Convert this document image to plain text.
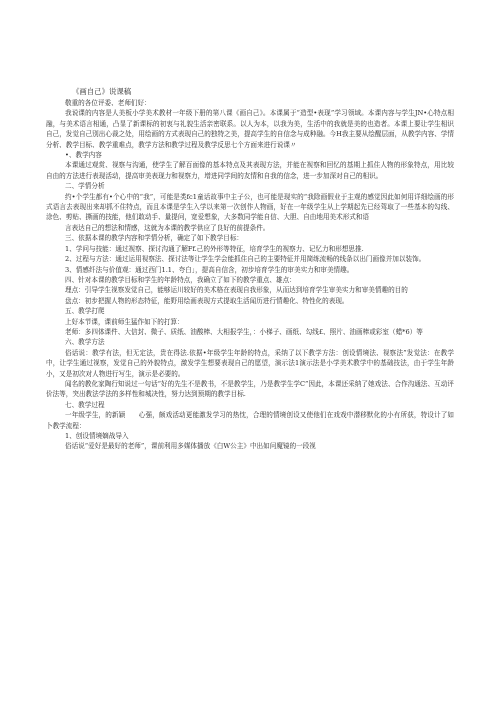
《画自己》说课稿

敬重的各位评委、老师们好：

我说课的内容是人美板小学美术教材一年级下册的第八课《画自己》。本课属于“造型•表现”学习领域。本课内容与学生JN•心特点相融，与美术语言相通，凸显了新课标的初衷与礼貌生活亲密联系。以人为本，以我为美，生活中的我就是美的也造者。本课上要让学生相识自己，发觉自己别出心裁之处，用绘画的方式表现自己的独特之美，提高学生的自信念与成种融。今H我主要从绘醒层面，从教学内容、学情分析、教学目标、教学重难点，教学方法和教学过程及教学反思七个方面来进行说课〃

•、教学内容

本课通过观赏、视察与沟通，使学生了解百面像的基本特点及其表现方法，并能在视察和回忆的基期上抓住人物的形象特点，用比较自由的方法进行表现活动，提高审美表现力和视察力，增进同学间的友情和自我的信念，进一步加深对自己的相识。

二、学情分析

约•个学生都有•个心中的“我”，可能是类fc1童话故事中主子公，也可能是现实的“我除画假业于主观的感觉因此如何用详细绘画的形式语言去表现出来却抓不住特点，而且本课是学生入学以来第一次创作人物画，好在一年级学生从上学期起先已经驾取了一些基本的勾线、涂色、剪贴、撕画的技能，他们敢动手、量提问，宽爱想象，大多数同学能自信、大胆、自由地用美术形式和语

言表达自己的想法和情感，这就为本课的教学供应了良好的前提条件。

三、依据本课的教学内容和学情分析，确定了如下教学目标：

1、学问与技能：通过视察、探讨沟通了解Ff.己的外形等特征，培育学生的视察力、记忆力和形想思推.

2、过程与方法：通过运用视察法、探讨法等让学生学会能抓住自己的主要特征并用简练流畅的线条以出门画像并加以装饰。

3、情感纤法与价值观：通过西门1.1、夸白」，提高自信含，初步培育学生的审美实力和审美情趣。

四、针对本课的教学目标和学生的年龄特点，我确立了如下的教学重点、雄点：

理点：引导学生视察发觉自己，能够运川较好的美术格在表现自我形象，从而达到培育学生审美实力和审美情趣的目的

盘点：初步把握人物的形态特征，能野用绘画表现方式提取生活闻历进行情趣化、特性化的表现。

五、教学打爬

上好本节课，课前师生猛作如下的打算：

老师：多四体课件、大信封、微子、质纸、油酸棒、大相报学生，：小梯子、画纸、勾线£、照片、油画棒或彩室（蜡*6）等

六、教学方法

俗话说：教学有法，但无定法，贵在得法.依据•年级学生年龄的特点，采纳了以下教学方法：创设情境法、视察法”发觉法：在教学中，让学生通过视察，发觉自己的外貌特点，激发学生想要表现自己的愿望，演示法1演示法是小学美术教学中的基础技法，由于学生年龄小，又是初次对人物进行写生，演示是必要的。

闻名的教化家陶行知说过一句话“好的先生不是教书，不是教学生，乃是教学生学C”因此，本课还采纳了她戏法、合作沟通法、互动评价法等，突出教法学法的多样性和城决性，努力达到预期的教学目标.

七、教学过程

一年级学生，的新颖　　心强，颇戏活动更能激发学习的热忱，合理的情境创设又使他们在戏戏中潜移默化的小有所获，特设计了如卜教学流程：

1、创设情境嫡战导入

俗话说“爱好是最好的老师”，课前利用多媒体播放《白W公主》中出如问魔镜的一段视
